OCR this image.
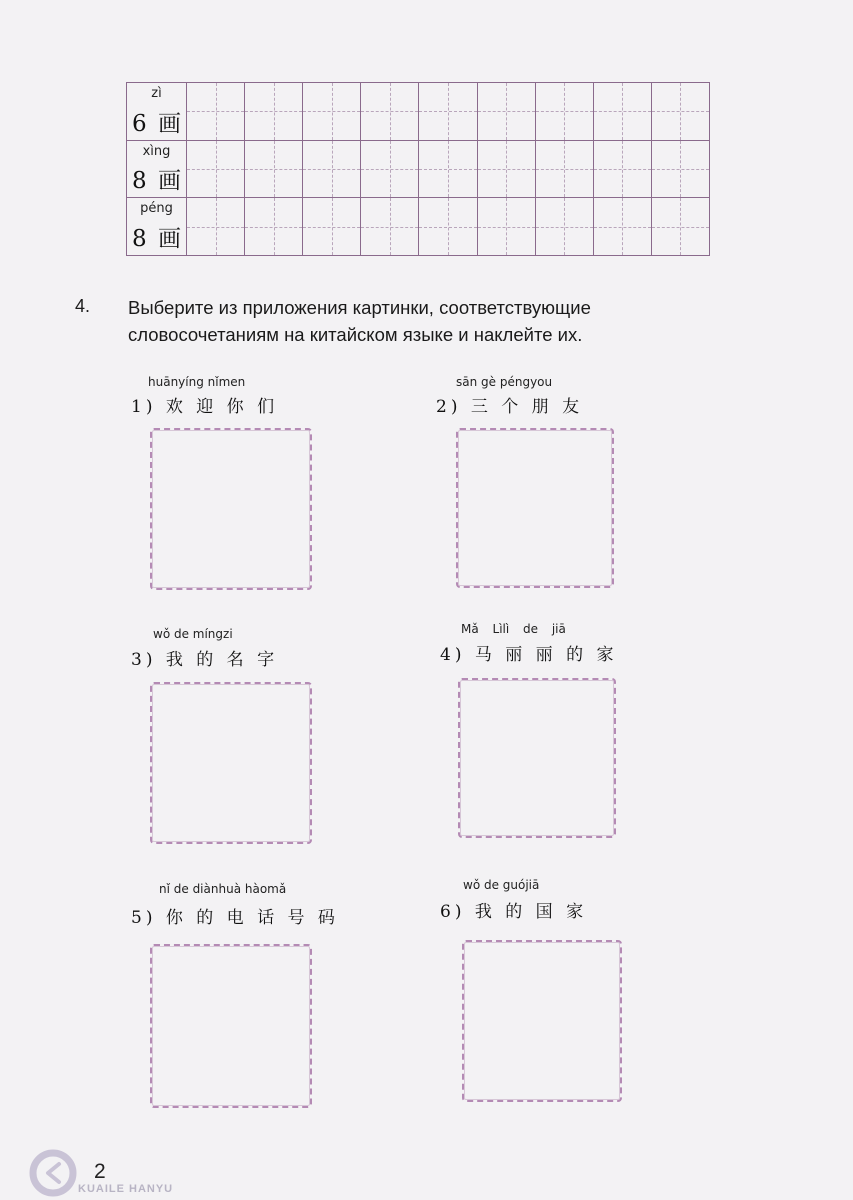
zì
6 画
xìng
8 画
péng
8 画
4. Выберите из приложения картинки, соответствующие словосочетаниям на китайском языке и наклейте их.
huānyíng nǐmen
1) 欢 迎 你 们
sān gè péngyou
2) 三 个 朋 友
wǒ de míngzi
3) 我 的 名 字
Mǎ Lìlì de jiā
4) 马 丽 丽 的 家
nǐ de diànhuà hàomǎ
5) 你 的 电 话 号 码
wǒ de guójiā
6) 我 的 国 家
2
KUAILE HANYU
